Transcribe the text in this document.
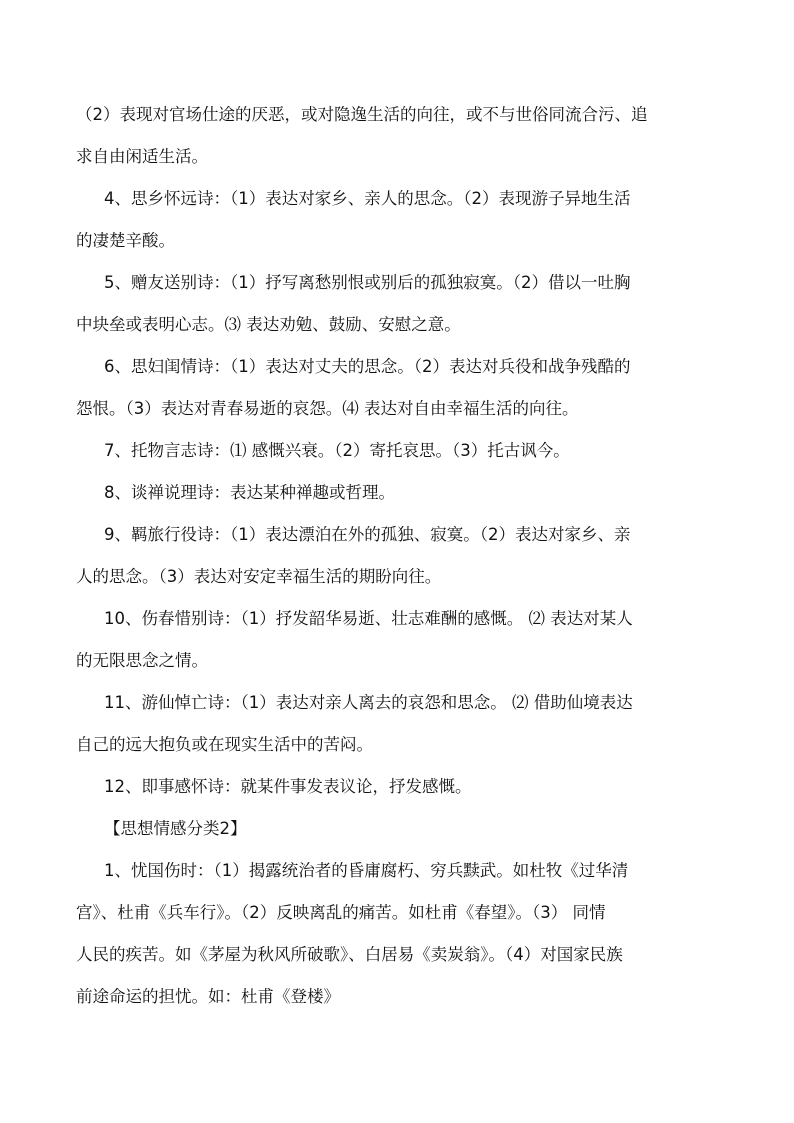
（2）表现对官场仕途的厌恶，或对隐逸生活的向往，或不与世俗同流合污、追
求自由闲适生活。
4、思乡怀远诗：（1）表达对家乡、亲人的思念。（2）表现游子异地生活
的凄楚辛酸。
5、赠友送别诗：（1）抒写离愁别恨或别后的孤独寂寞。（2）借以一吐胸
中块垒或表明心志。⑶ 表达劝勉、鼓励、安慰之意。
6、思妇闺情诗：（1）表达对丈夫的思念。（2）表达对兵役和战争残酷的
怨恨。（3）表达对青春易逝的哀怨。⑷ 表达对自由幸福生活的向往。
7、托物言志诗：⑴ 感慨兴衰。（2）寄托哀思。（3）托古讽今。
8、谈禅说理诗：表达某种禅趣或哲理。
9、羁旅行役诗：（1）表达漂泊在外的孤独、寂寞。（2）表达对家乡、亲
人的思念。（3）表达对安定幸福生活的期盼向往。
10、伤春惜别诗：（1）抒发韶华易逝、壮志难酬的感慨。 ⑵ 表达对某人
的无限思念之情。
11、游仙悼亡诗：（1）表达对亲人离去的哀怨和思念。 ⑵ 借助仙境表达
自己的远大抱负或在现实生活中的苦闷。
12、即事感怀诗：就某件事发表议论，抒发感慨。
【思想情感分类2】
1、忧国伤时：（1）揭露统治者的昏庸腐朽、穷兵黩武。如杜牧《过华清
宫》、杜甫《兵车行》。（2）反映离乱的痛苦。如杜甫《春望》。（3） 同情
人民的疾苦。如《茅屋为秋风所破歌》、白居易《卖炭翁》。（4）对国家民族
前途命运的担忧。如：杜甫《登楼》
